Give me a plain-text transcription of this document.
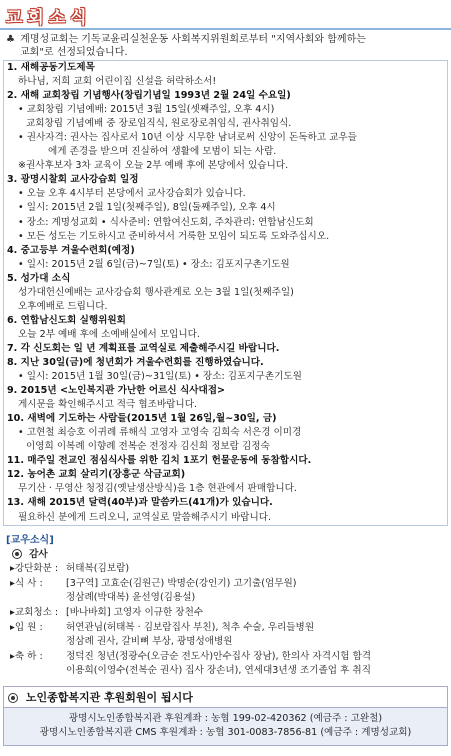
교회소식
♣ 계명성교회는 기독교윤리실천운동 사회복지위원회로부터 "지역사회와 함께하는
교회"로 선정되었습니다.
1. 새해공동기도제목
하나님, 저희 교회 어린이집 신설을 허락하소서!
2. 새해 교회창립 기념행사(창립기념일 1993년 2월 24일 수요일)
• 교회창립 기념예배: 2015년 3월 15일(셋째주일, 오후 4시)
교회창립 기념예배 중 장로임직식, 원로장로취임식, 권사취임식.
• 권사자격: 권사는 집사로서 10년 이상 시무한 남녀로써 신앙이 돈독하고 교우들
에게 존경을 받으며 진실하여 생활에 모범이 되는 사람.
※권사후보자 3차 교육이 오늘 2부 예배 후에 본당에서 있습니다.
3. 광명시찰회 교사강습회 일정
• 오늘 오후 4시부터 본당에서 교사강습회가 있습니다.
• 일시: 2015년 2월 1일(첫째주일), 8일(둘째주일), 오후 4시
• 장소: 계명성교회 • 식사준비: 연합여신도회, 주차관리: 연합남신도회
• 모든 성도는 기도하시고 준비하셔서 거룩한 모임이 되도록 도와주십시오.
4. 중고등부 겨울수련회(예정)
• 일시: 2015년 2월 6일(금)~7일(토) • 장소: 김포지구촌기도원
5. 성가대 소식
성가대헌신예배는 교사강습회 행사관계로 오는 3월 1일(첫째주일)
오후예배로 드립니다.
6. 연합남신도회 실행위원회
오늘 2부 예배 후에 소예배실에서 모입니다.
7. 각 신도회는 일 년 계획표를 교역실로 제출해주시길 바랍니다.
8. 지난 30일(금)에 청년회가 겨울수련회를 진행하였습니다.
• 일시: 2015년 1월 30일(금)~31일(토) • 장소: 김포지구촌기도원
9. 2015년 <노인복지관 가난한 어르신 식사대접>
게시문을 확인해주시고 적극 협조바랍니다.
10. 새벽에 기도하는 사람들(2015년 1월 26일,월~30일, 금)
• 고현철 최승호 이귀례 류해식 고영자 고영숙 김희숙 서은경 이미경
이영희 이복례 이향례 전복순 전정자 김신희 정보람 김정숙
11. 매주일 전교인 점심식사를 위한 김치 1포기 헌물운동에 동참합시다.
12. 농어촌 교회 살리기(장흥군 삭금교회)
무기산 · 무영산 청정김(옛날생산방식)을 1층 현관에서 판매합니다.
13. 새해 2015년 달력(40부)과 말씀카드(41개)가 있습니다.
필요하신 분에게 드리오니, 교역실로 말씀해주시기 바랍니다.
[교우소식]
감사
▸강단화분 : 허태복(김보람)
▸식 사 : [3구역] 고효순(김원근) 박명순(강인기) 고기출(엄무원)
정삼례(박대복) 윤선영(김용설)
▸교회청소 : [바나바회] 고영자 이규한 장천수
▸입 원 : 허연관님(허태복 · 김보람집사 부친), 척추 수술, 우리들병원
정삼례 권사, 갈비뼈 부상, 광명성애병원
▸축 하 : 정덕진 청년(정광수(오금순 전도사)안수집사 장남), 한의사 자격시험 합격
이용희(이영수(전복순 권사) 집사 장손녀), 연세대3년생 조기졸업 후 취직
노인종합복지관 후원회원이 됩시다
광명시노인종합복지관 후원계좌 : 농협 199-02-420362 (예금주 : 고완철)
광명시노인종합복지관 CMS 후원계좌 : 농협 301-0083-7856-81 (예금주 : 계명성교회)
